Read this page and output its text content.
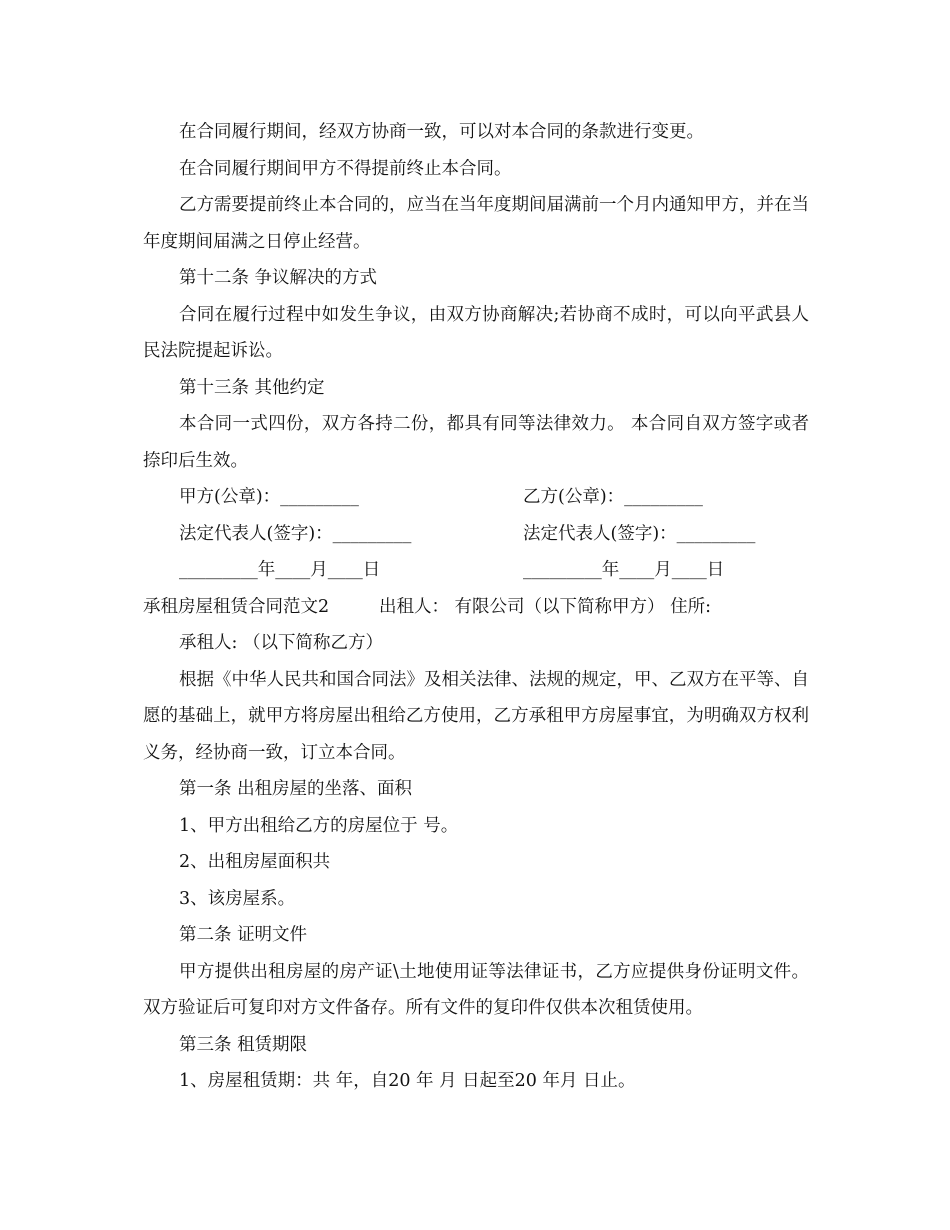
在合同履行期间，经双方协商一致，可以对本合同的条款进行变更。

在合同履行期间甲方不得提前终止本合同。

乙方需要提前终止本合同的，应当在当年度期间届满前一个月内通知甲方，并在当年度期间届满之日停止经营。

第十二条 争议解决的方式

合同在履行过程中如发生争议，由双方协商解决;若协商不成时，可以向平武县人民法院提起诉讼。

第十三条 其他约定

本合同一式四份，双方各持二份，都具有同等法律效力。 本合同自双方签字或者捺印后生效。

甲方(公章)：_________	乙方(公章)：_________
法定代表人(签字)：_________	法定代表人(签字)：_________
_________年____月____日	_________年____月____日
承租房屋租赁合同范文2	出租人： 有限公司（以下简称甲方） 住所:

承租人: （以下简称乙方）

根据《中华人民共和国合同法》及相关法律、法规的规定，甲、乙双方在平等、自愿的基础上，就甲方将房屋出租给乙方使用，乙方承租甲方房屋事宜，为明确双方权利义务，经协商一致，订立本合同。

第一条 出租房屋的坐落、面积

1、甲方出租给乙方的房屋位于 号。

2、出租房屋面积共

3、该房屋系。

第二条 证明文件

甲方提供出租房屋的房产证\土地使用证等法律证书，乙方应提供身份证明文件。双方验证后可复印对方文件备存。所有文件的复印件仅供本次租赁使用。

第三条 租赁期限

1、房屋租赁期：共 年，自20 年 月 日起至20 年月 日止。
